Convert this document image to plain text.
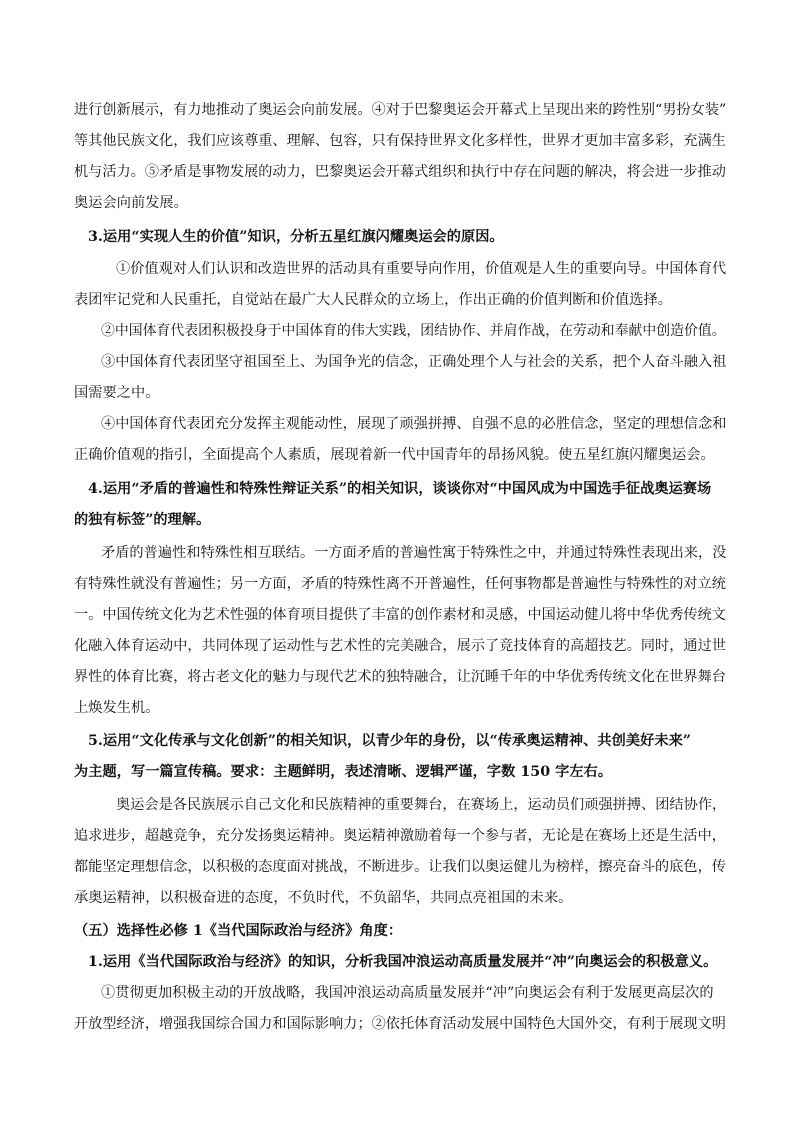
进行创新展示，有力地推动了奥运会向前发展。④对于巴黎奥运会开幕式上呈现出来的跨性别“男扮女装”
等其他民族文化，我们应该尊重、理解、包容，只有保持世界文化多样性，世界才更加丰富多彩，充满生
机与活力。⑤矛盾是事物发展的动力，巴黎奥运会开幕式组织和执行中存在问题的解决，将会进一步推动
奥运会向前发展。
3.运用“实现人生的价值”知识，分析五星红旗闪耀奥运会的原因。
①价值观对人们认识和改造世界的活动具有重要导向作用，价值观是人生的重要向导。中国体育代
表团牢记党和人民重托，自觉站在最广大人民群众的立场上，作出正确的价值判断和价值选择。
②中国体育代表团积极投身于中国体育的伟大实践，团结协作、并肩作战，在劳动和奉献中创造价值。
③中国体育代表团坚守祖国至上、为国争光的信念，正确处理个人与社会的关系，把个人奋斗融入祖
国需要之中。
④中国体育代表团充分发挥主观能动性，展现了顽强拼搏、自强不息的必胜信念，坚定的理想信念和
正确价值观的指引，全面提高个人素质，展现着新一代中国青年的昂扬风貌。使五星红旗闪耀奥运会。
4.运用“矛盾的普遍性和特殊性辩证关系”的相关知识，谈谈你对“中国风成为中国选手征战奥运赛场
的独有标签”的理解。
矛盾的普遍性和特殊性相互联结。一方面矛盾的普遍性寓于特殊性之中，并通过特殊性表现出来，没
有特殊性就没有普遍性；另一方面，矛盾的特殊性离不开普遍性，任何事物都是普遍性与特殊性的对立统
一。中国传统文化为艺术性强的体育项目提供了丰富的创作素材和灵感，中国运动健儿将中华优秀传统文
化融入体育运动中，共同体现了运动性与艺术性的完美融合，展示了竞技体育的高超技艺。同时，通过世
界性的体育比赛，将古老文化的魅力与现代艺术的独特融合，让沉睡千年的中华优秀传统文化在世界舞台
上焕发生机。
5.运用“文化传承与文化创新”的相关知识，以青少年的身份，以“传承奥运精神、共创美好未来”
为主题，写一篇宣传稿。要求：主题鲜明，表述清晰、逻辑严谨，字数 150 字左右。
奥运会是各民族展示自己文化和民族精神的重要舞台，在赛场上，运动员们顽强拼搏、团结协作，
追求进步，超越竞争，充分发扬奥运精神。奥运精神激励着每一个参与者，无论是在赛场上还是生活中，
都能坚定理想信念，以积极的态度面对挑战，不断进步。让我们以奥运健儿为榜样，擦亮奋斗的底色，传
承奥运精神，以积极奋进的态度，不负时代，不负韶华，共同点亮祖国的未来。
（五）选择性必修 1《当代国际政治与经济》角度：
1.运用《当代国际政治与经济》的知识，分析我国冲浪运动高质量发展并“冲”向奥运会的积极意义。
①贯彻更加积极主动的开放战略，我国冲浪运动高质量发展并“冲”向奥运会有利于发展更高层次的
开放型经济，增强我国综合国力和国际影响力；②依托体育活动发展中国特色大国外交，有利于展现文明
